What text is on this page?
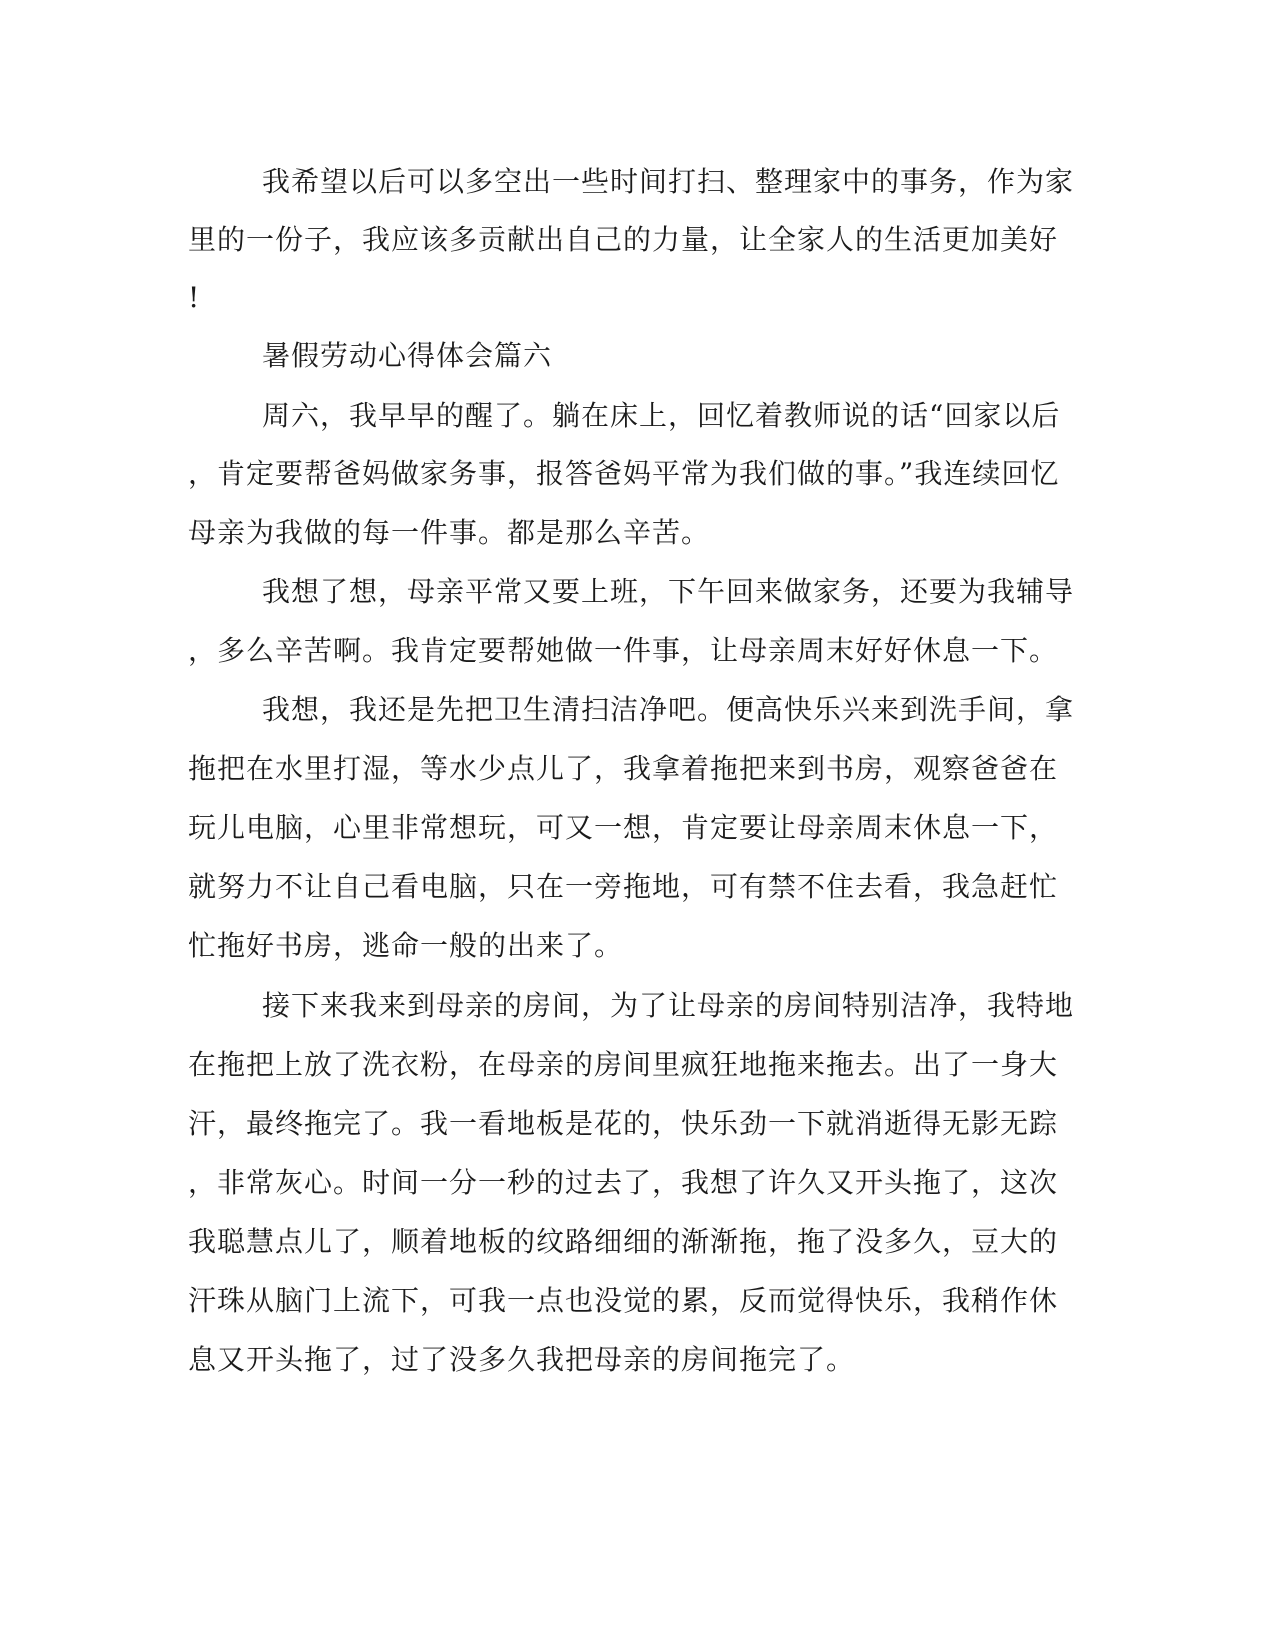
我希望以后可以多空出一些时间打扫、整理家中的事务，作为家

里的一份子，我应该多贡献出自己的力量，让全家人的生活更加美好

!

暑假劳动心得体会篇六

周六，我早早的醒了。躺在床上，回忆着教师说的话“回家以后

，肯定要帮爸妈做家务事，报答爸妈平常为我们做的事。”我连续回忆

母亲为我做的每一件事。都是那么辛苦。

我想了想，母亲平常又要上班，下午回来做家务，还要为我辅导

，多么辛苦啊。我肯定要帮她做一件事，让母亲周末好好休息一下。

我想，我还是先把卫生清扫洁净吧。便高快乐兴来到洗手间，拿

拖把在水里打湿，等水少点儿了，我拿着拖把来到书房，观察爸爸在

玩儿电脑，心里非常想玩，可又一想，肯定要让母亲周末休息一下，

就努力不让自己看电脑，只在一旁拖地，可有禁不住去看，我急赶忙

忙拖好书房，逃命一般的出来了。

接下来我来到母亲的房间，为了让母亲的房间特别洁净，我特地

在拖把上放了洗衣粉，在母亲的房间里疯狂地拖来拖去。出了一身大

汗，最终拖完了。我一看地板是花的，快乐劲一下就消逝得无影无踪

，非常灰心。时间一分一秒的过去了，我想了许久又开头拖了，这次

我聪慧点儿了，顺着地板的纹路细细的渐渐拖，拖了没多久，豆大的

汗珠从脑门上流下，可我一点也没觉的累，反而觉得快乐，我稍作休

息又开头拖了，过了没多久我把母亲的房间拖完了。
